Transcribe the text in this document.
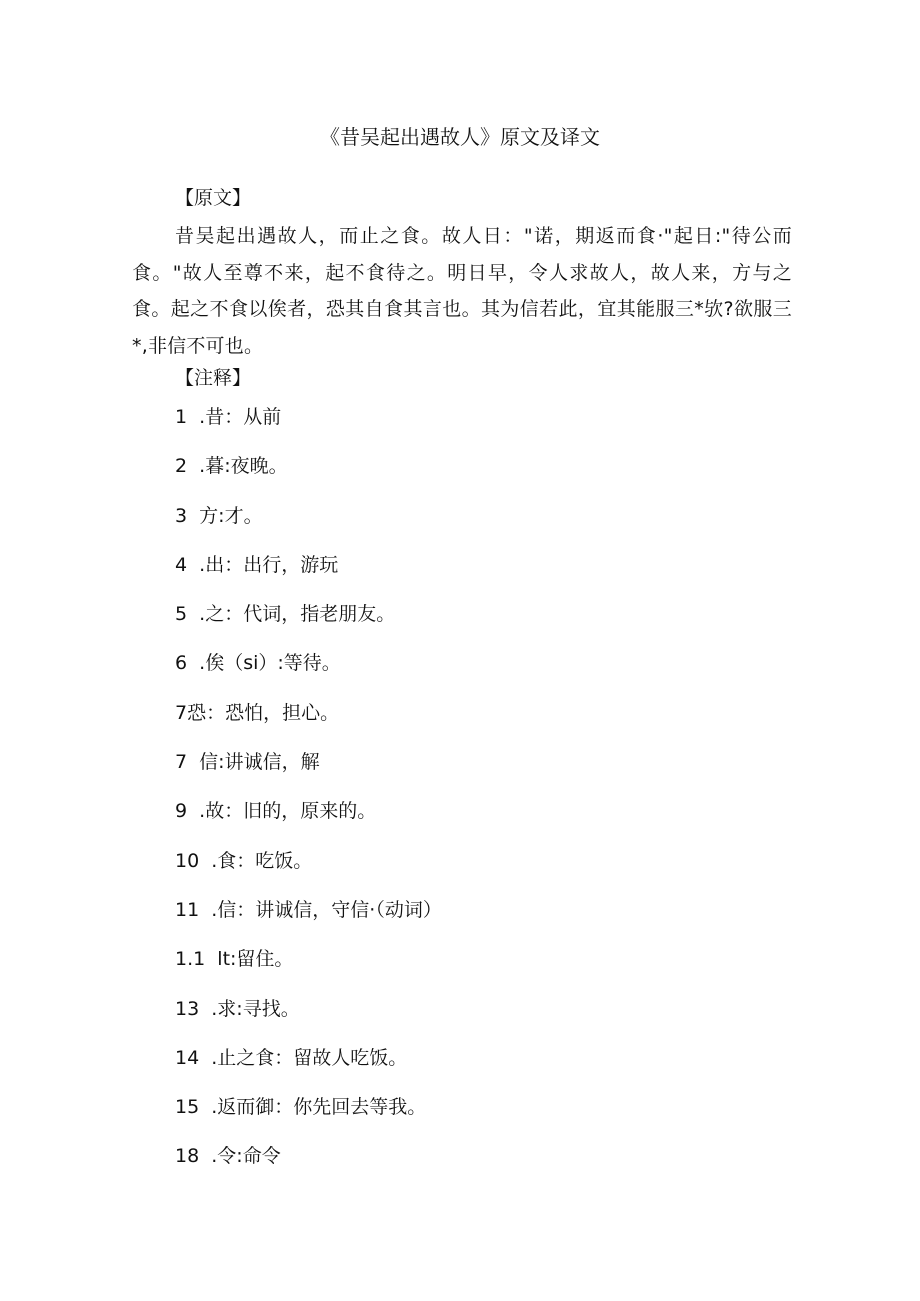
《昔吴起出遇故人》原文及译文
【原文】

昔吴起出遇故人，而止之食。故人日："诺，期返而食·"起日:"待公而食。"故人至尊不来，起不食待之。明日早，令人求故人，故人来，方与之食。起之不食以俟者，恐其自食其言也。其为信若此，宜其能服三*欤?欲服三*,非信不可也。

【注释】
1  .昔：从前
2  .暮:夜晚。
3  方:才。
4  .出：出行，游玩
5  .之：代词，指老朋友。
6  .俟（si）:等待。
7恐：恐怕，担心。
7  信:讲诚信，解
9  .故：旧的，原来的。
10  .食：吃饭。
11  .信：讲诚信，守信·（动词）
1.1  lt:留住。
13  .求:寻找。
14  .止之食：留故人吃饭。
15  .返而御：你先回去等我。
18  .令:命令
